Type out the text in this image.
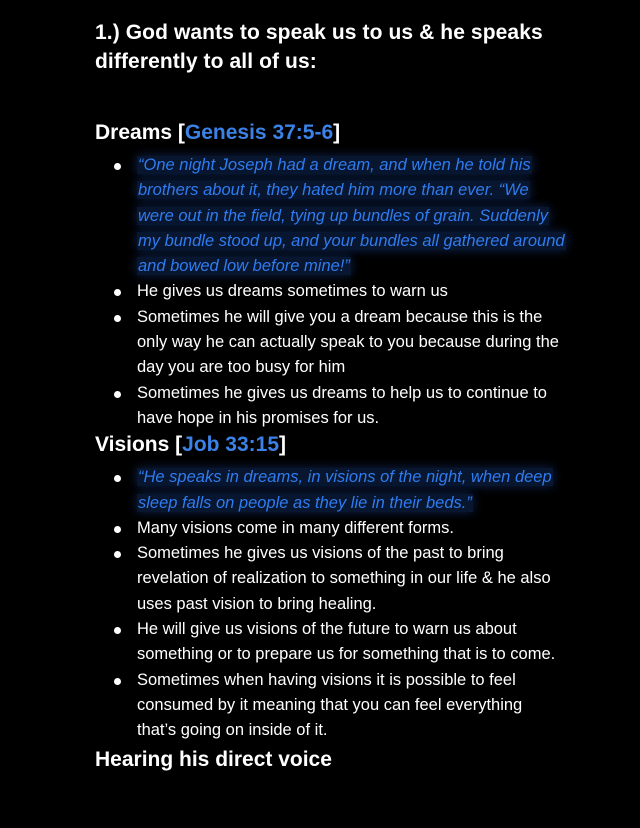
1.) God wants to speak us to us & he speaks differently to all of us:
Dreams [Genesis 37:5-6]
“One night Joseph had a dream, and when he told his brothers about it, they hated him more than ever. “We were out in the field, tying up bundles of grain. Suddenly my bundle stood up, and your bundles all gathered around and bowed low before mine!”
He gives us dreams sometimes to warn us
Sometimes he will give you a dream because this is the only way he can actually speak to you because during the day you are too busy for him
Sometimes he gives us dreams to help us to continue to have hope in his promises for us.
Visions [Job 33:15]
“He speaks in dreams, in visions of the night, when deep sleep falls on people as they lie in their beds.”
Many visions come in many different forms.
Sometimes he gives us visions of the past to bring revelation of realization to something in our life & he also uses past vision to bring healing.
He will give us visions of the future to warn us about something or to prepare us for something that is to come.
Sometimes when having visions it is possible to feel consumed by it meaning that you can feel everything that’s going on inside of it.
Hearing his direct voice
